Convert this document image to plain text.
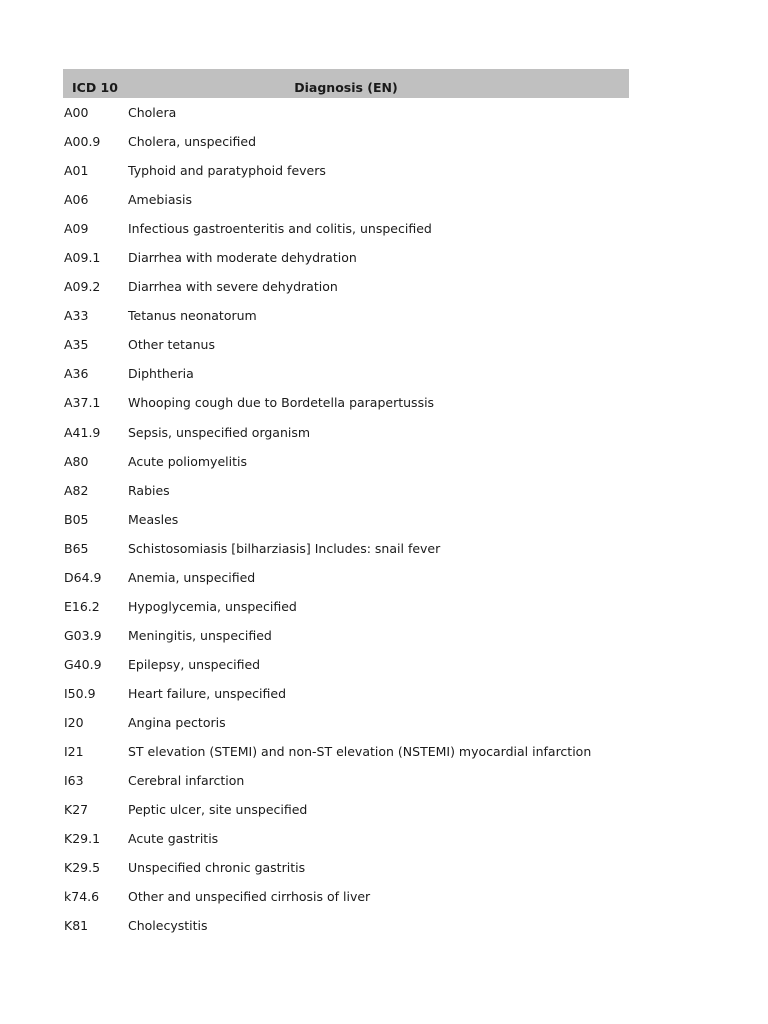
ICD 10	Diagnosis (EN)
A00	Cholera
A00.9	Cholera, unspecified
A01	Typhoid and paratyphoid fevers
A06	Amebiasis
A09	Infectious gastroenteritis and colitis, unspecified
A09.1	Diarrhea with moderate dehydration
A09.2	Diarrhea with severe dehydration
A33	Tetanus neonatorum
A35	Other tetanus
A36	Diphtheria
A37.1	Whooping cough due to Bordetella parapertussis
A41.9	Sepsis, unspecified organism
A80	Acute poliomyelitis
A82	Rabies
B05	Measles
B65	Schistosomiasis [bilharziasis] Includes: snail fever
D64.9	Anemia, unspecified
E16.2	Hypoglycemia, unspecified
G03.9	Meningitis, unspecified
G40.9	Epilepsy, unspecified
I50.9	Heart failure, unspecified
I20	Angina pectoris
I21	ST elevation (STEMI) and non-ST elevation (NSTEMI) myocardial infarction
I63	Cerebral infarction
K27	Peptic ulcer, site unspecified
K29.1	Acute gastritis
K29.5	Unspecified chronic gastritis
k74.6	Other and unspecified cirrhosis of liver
K81	Cholecystitis
